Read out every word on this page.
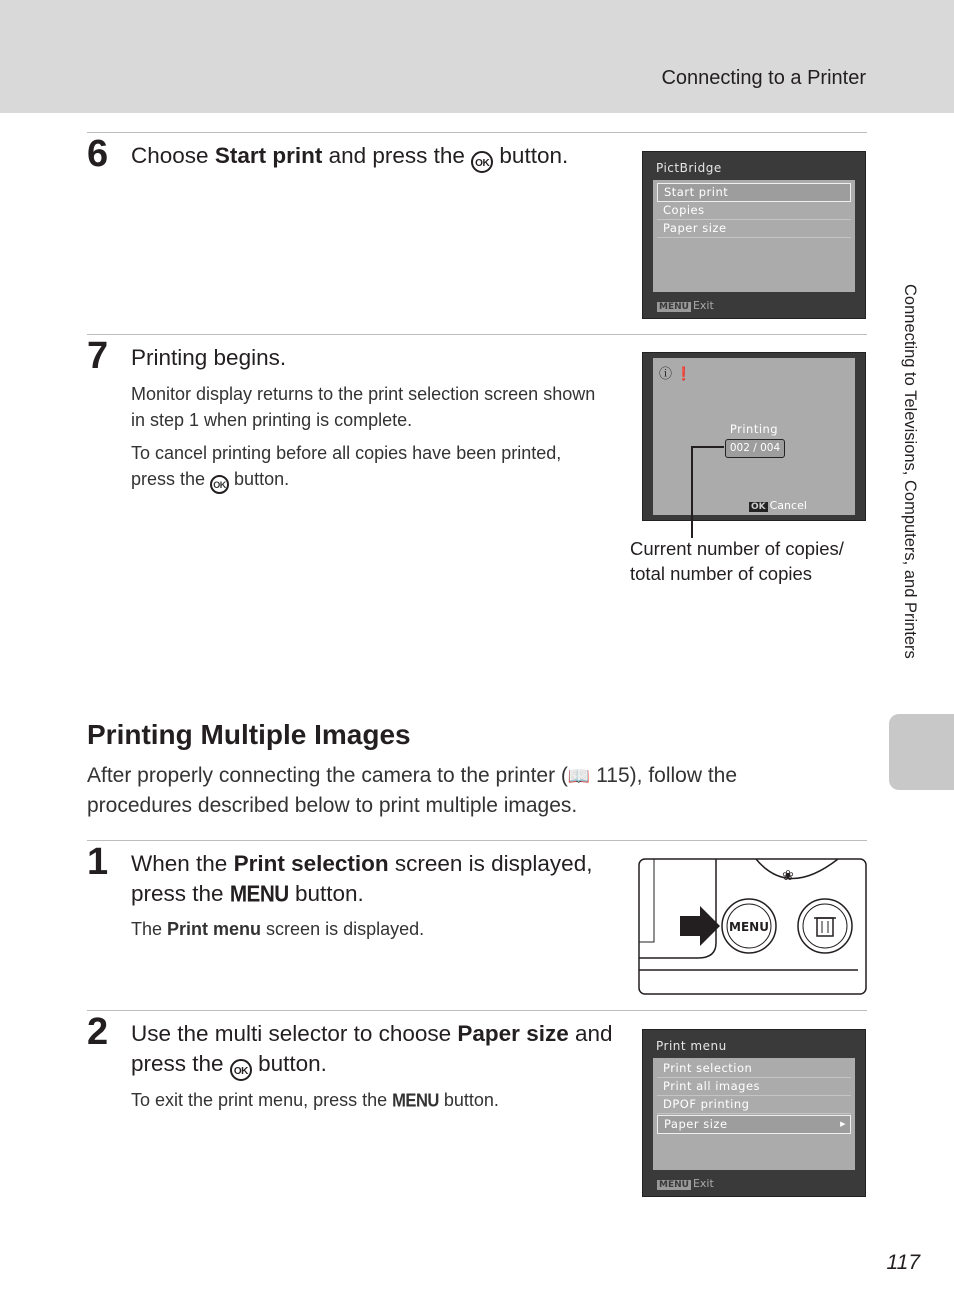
Connecting to a Printer
Connecting to Televisions, Computers, and Printers
6 Choose Start print and press the OK button.	PictBridge
Start print
Copies
Paper size
MENU Exit
7 Printing begins.
Monitor display returns to the print selection screen shown in step 1 when printing is complete.
To cancel printing before all copies have been printed, press the OK button.
ⓘ ❗
Printing
002 / 004
OK Cancel
Current number of copies/
total number of copies
Printing Multiple Images
After properly connecting the camera to the printer (📖 115), follow the procedures described below to print multiple images.
1 When the Print selection screen is displayed, press the MENU button.
The Print menu screen is displayed.
❀
MENU
2 Use the multi selector to choose Paper size and press the OK button.
To exit the print menu, press the MENU button.
Print menu
Print selection
Print all images
DPOF printing
Paper size	▶
MENU Exit
117
